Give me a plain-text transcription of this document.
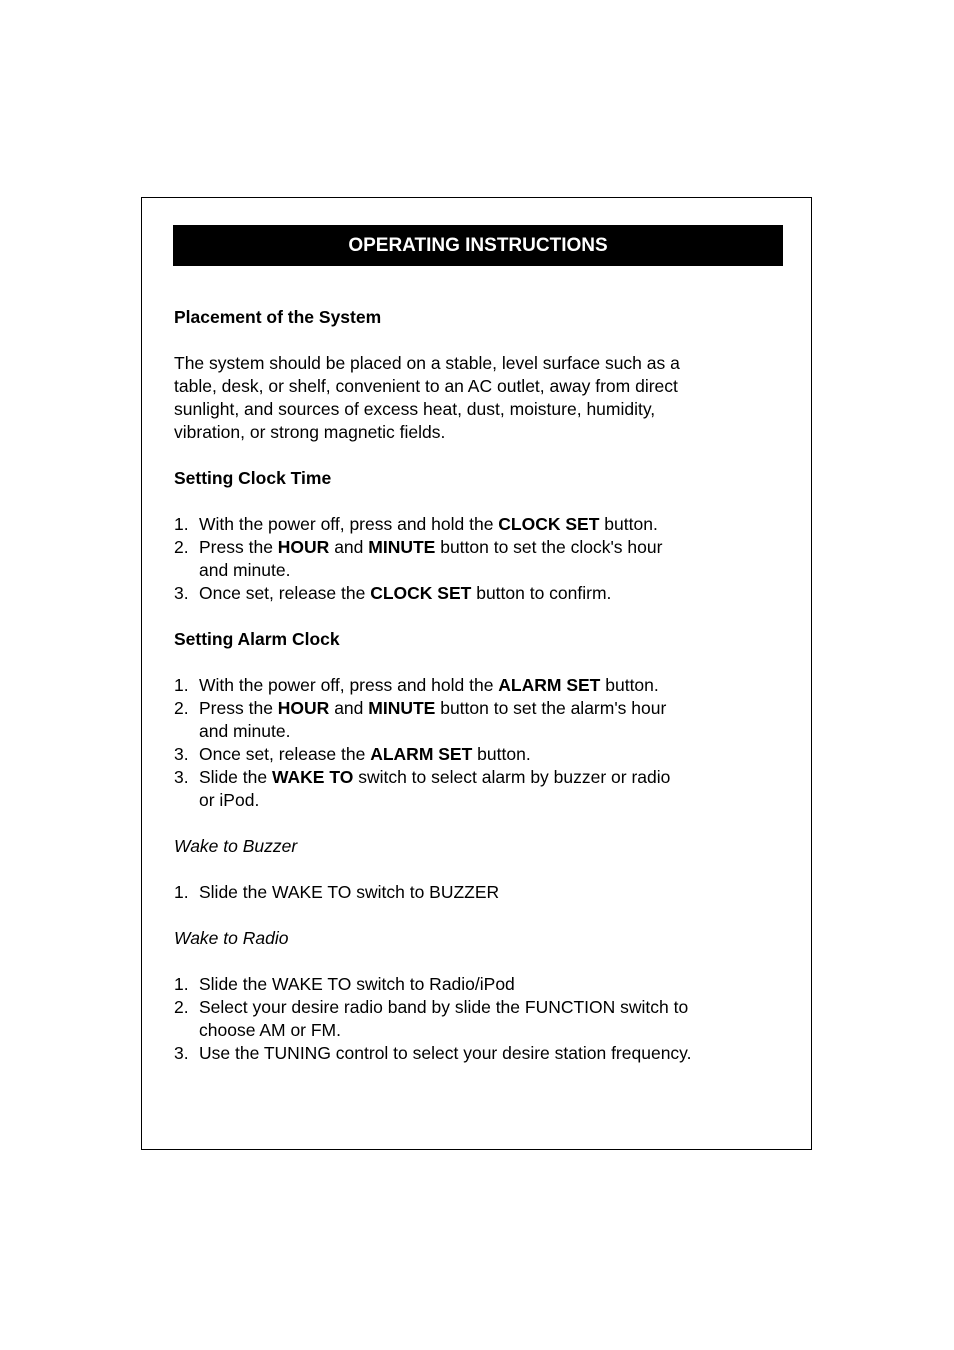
OPERATING INSTRUCTIONS
Placement of the System
The system should be placed on a stable, level surface such as a
table, desk, or shelf, convenient to an AC outlet, away from direct
sunlight, and sources of excess heat, dust, moisture, humidity,
vibration, or strong magnetic fields.
Setting Clock Time
1. With the power off, press and hold the CLOCK SET button.
2. Press the HOUR and MINUTE button to set the clock's hour
and minute.
3. Once set, release the CLOCK SET button to confirm.
Setting Alarm Clock
1. With the power off, press and hold the ALARM SET button.
2. Press the HOUR and MINUTE button to set the alarm's hour
and minute.
3. Once set, release the ALARM SET button.
3. Slide the WAKE TO switch to select alarm by buzzer or radio
or iPod.
Wake to Buzzer
1. Slide the WAKE TO switch to BUZZER
Wake to Radio
1. Slide the WAKE TO switch to Radio/iPod
2. Select your desire radio band by slide the FUNCTION switch to
choose AM or FM.
3. Use the TUNING control to select your desire station frequency.
